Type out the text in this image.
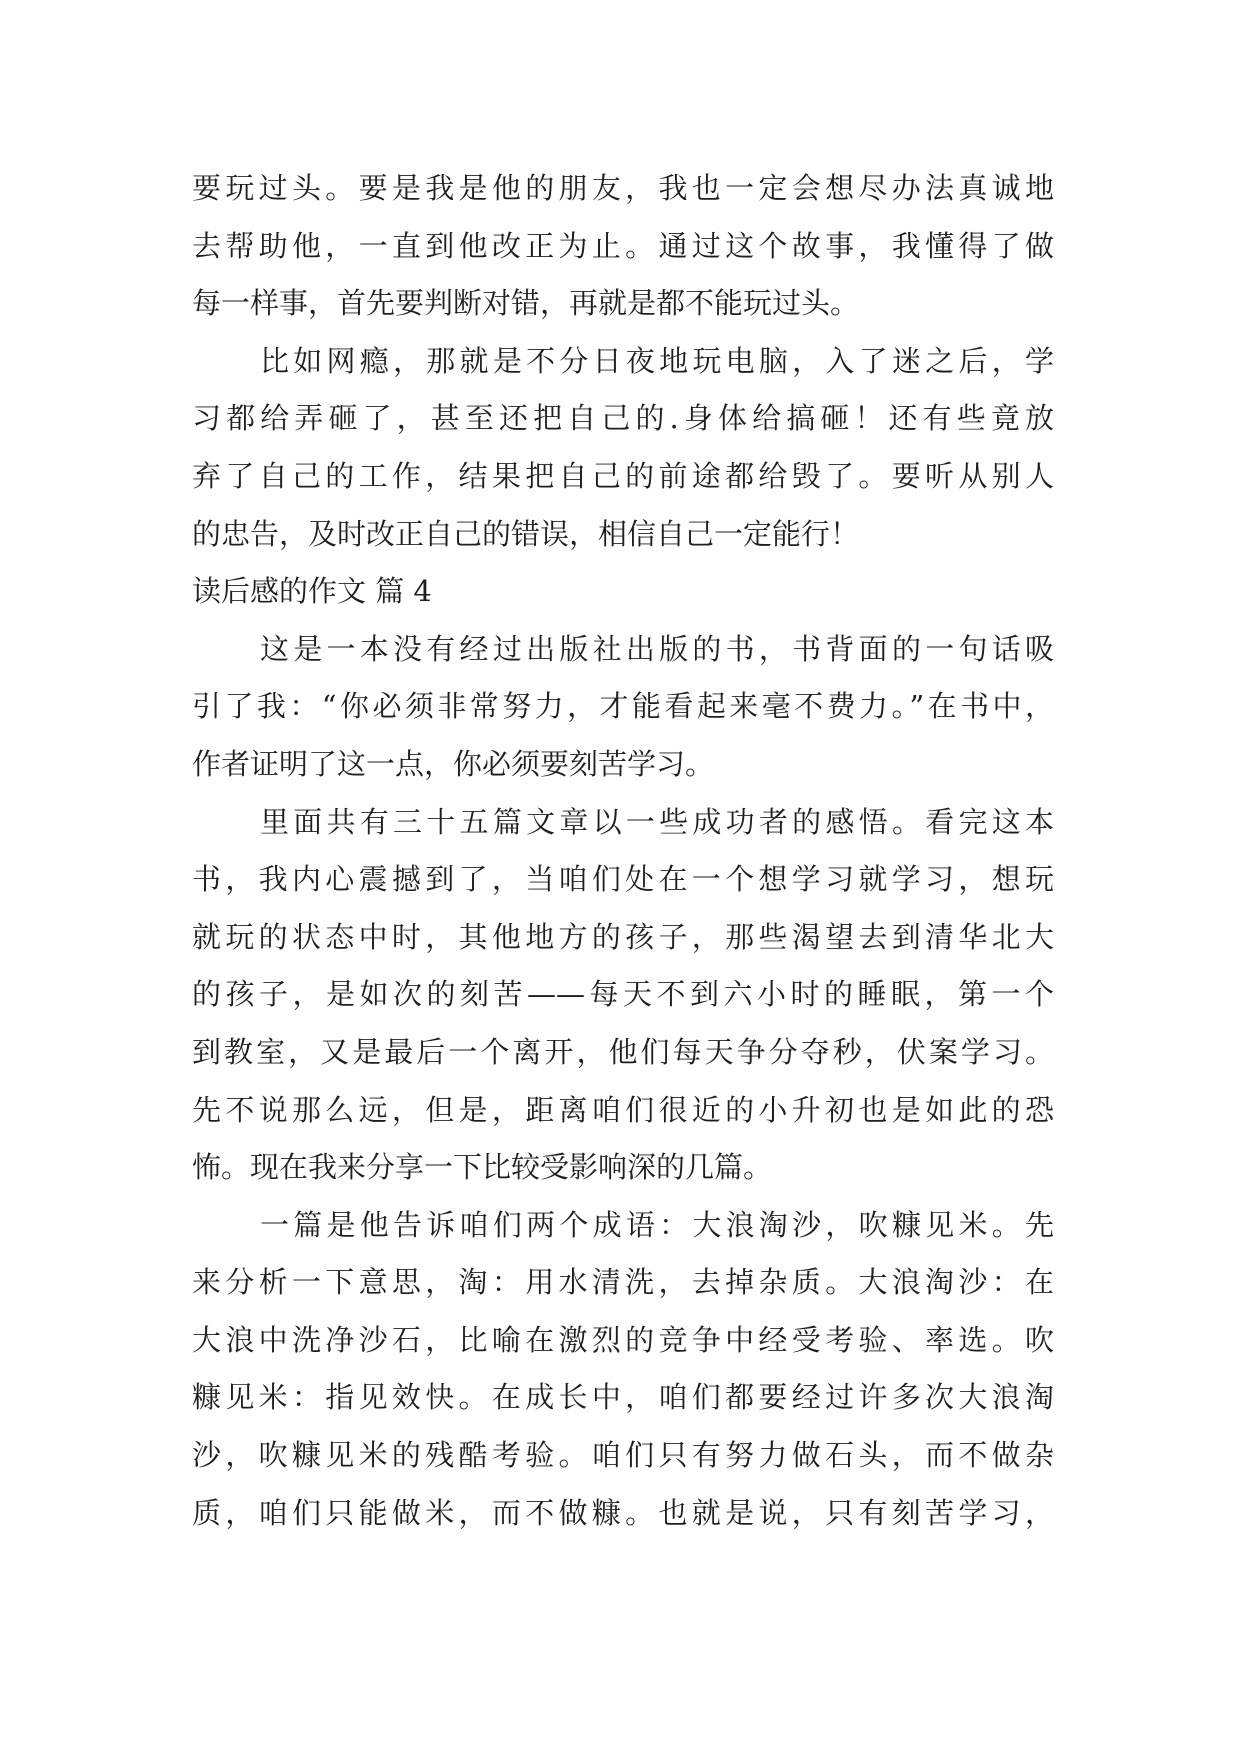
要玩过头。要是我是他的朋友，我也一定会想尽办法真诚地
去帮助他，一直到他改正为止。通过这个故事，我懂得了做
每一样事，首先要判断对错，再就是都不能玩过头。
比如网瘾，那就是不分日夜地玩电脑，入了迷之后，学
习都给弄砸了，甚至还把自己的.身体给搞砸！还有些竟放
弃了自己的工作，结果把自己的前途都给毁了。要听从别人
的忠告，及时改正自己的错误，相信自己一定能行！
读后感的作文 篇 4
这是一本没有经过出版社出版的书，书背面的一句话吸
引了我：“你必须非常努力，才能看起来毫不费力。”在书中，
作者证明了这一点，你必须要刻苦学习。
里面共有三十五篇文章以一些成功者的感悟。看完这本
书，我内心震撼到了，当咱们处在一个想学习就学习，想玩
就玩的状态中时，其他地方的孩子，那些渴望去到清华北大
的孩子，是如次的刻苦——每天不到六小时的睡眠，第一个
到教室，又是最后一个离开，他们每天争分夺秒，伏案学习。
先不说那么远，但是，距离咱们很近的小升初也是如此的恐
怖。现在我来分享一下比较受影响深的几篇。
一篇是他告诉咱们两个成语：大浪淘沙，吹糠见米。先
来分析一下意思，淘：用水清洗，去掉杂质。大浪淘沙：在
大浪中洗净沙石，比喻在激烈的竞争中经受考验、率选。吹
糠见米：指见效快。在成长中，咱们都要经过许多次大浪淘
沙，吹糠见米的残酷考验。咱们只有努力做石头，而不做杂
质，咱们只能做米，而不做糠。也就是说，只有刻苦学习，
